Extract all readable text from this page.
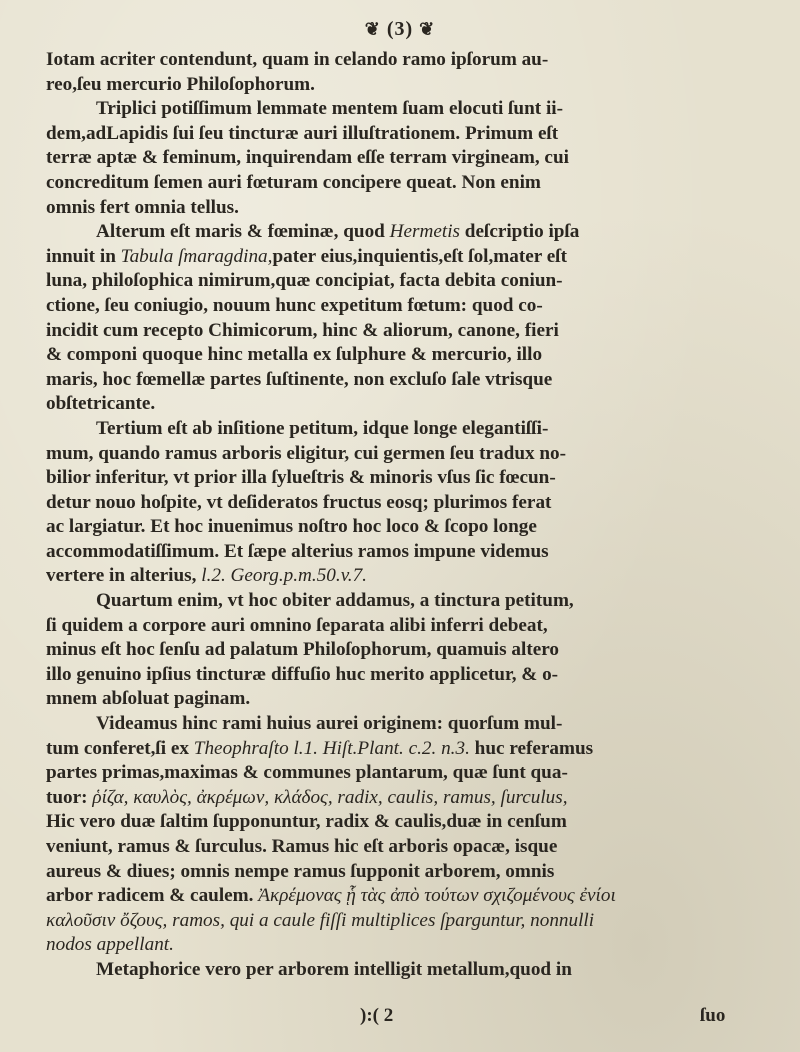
❦ (3) ❦
Iotam acriter contendunt, quam in celando ramo ipſorum au-
reo,ſeu mercurio Philoſophorum.
Triplici potiſſimum lemmate mentem ſuam elocuti ſunt ii-
dem,adLapidis ſui ſeu tincturæ auri illuſtrationem. Primum eſt
terræ aptæ & feminum, inquirendam eſſe terram virgineam, cui
concreditum ſemen auri fœturam concipere queat. Non enim
omnis fert omnia tellus.
Alterum eſt maris & fœminæ, quod Hermetis deſcriptio ipſa
innuit in Tabula ſmaragdina,pater eius,inquientis,eſt ſol,mater eſt
luna, philoſophica nimirum,quæ concipiat, facta debita coniun-
ctione, ſeu coniugio, nouum hunc expetitum fœtum: quod co-
incidit cum recepto Chimicorum, hinc & aliorum, canone, fieri
& componi quoque hinc metalla ex ſulphure & mercurio, illo
maris, hoc fœmellæ partes ſuſtinente, non excluſo ſale vtrisque
obſtetricante.
Tertium eſt ab inſitione petitum, idque longe elegantiſſi-
mum, quando ramus arboris eligitur, cui germen ſeu tradux no-
bilior inferitur, vt prior illa ſylueſtris & minoris vſus ſic fœcun-
detur nouo hoſpite, vt deſideratos fructus eosq; plurimos ferat
ac largiatur. Et hoc inuenimus noſtro hoc loco & ſcopo longe
accommodatiſſimum. Et ſæpe alterius ramos impune videmus
vertere in alterius, l.2. Georg.p.m.50.v.7.
Quartum enim, vt hoc obiter addamus, a tinctura petitum,
ſi quidem a corpore auri omnino ſeparata alibi inferri debeat,
minus eſt hoc ſenſu ad palatum Philoſophorum, quamuis altero
illo genuino ipſius tincturæ diffuſio huc merito applicetur, & o-
mnem abſoluat paginam.
Videamus hinc rami huius aurei originem: quorſum mul-
tum conferet,ſi ex Theophraſto l.1. Hiſt.Plant. c.2. n.3. huc referamus
partes primas,maximas & communes plantarum, quæ ſunt qua-
tuor: ῥίζα, καυλὸς, ἀκρέμων, κλάδος, radix, caulis, ramus, ſurculus,
Hic vero duæ ſaltim ſupponuntur, radix & caulis,duæ in cenſum
veniunt, ramus & ſurculus. Ramus hic eſt arboris opacæ, isque
aureus & diues; omnis nempe ramus ſupponit arborem, omnis
arbor radicem & caulem. Ἀκρέμονας ᾗ τὰς ἀπὸ τούτων σχιζομένους ἐνίοι
καλοῦσιν ὄζους, ramos, qui a caule fiſſi multiplices ſparguntur, nonnulli
nodos appellant.
Metaphorice vero per arborem intelligit metallum,quod in
):( 2	ſuo
